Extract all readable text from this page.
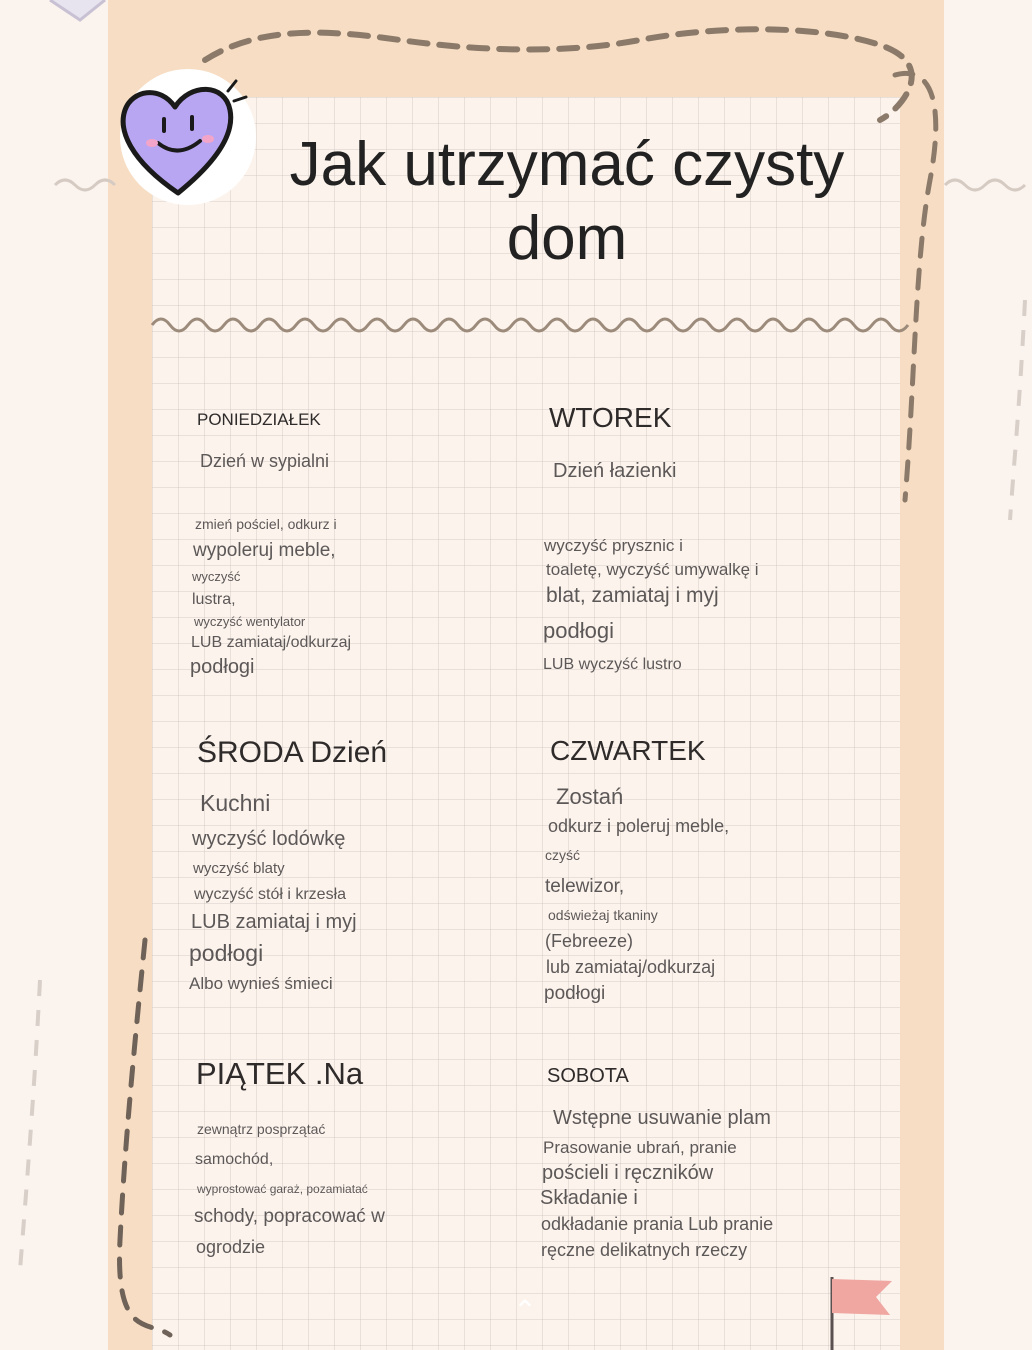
Jak utrzymać czysty dom
PONIEDZIAŁEK
Dzień w sypialni
zmień pościel, odkurz i
wypoleruj meble,
wyczyść
lustra,
wyczyść wentylator
LUB zamiataj/odkurzaj
podłogi
WTOREK
Dzień łazienki
wyczyść prysznic i
toaletę, wyczyść umywalkę i
blat, zamiataj i myj
podłogi
LUB wyczyść lustro
ŚRODA Dzień
Kuchni
wyczyść lodówkę
wyczyść blaty
wyczyść stół i krzesła
LUB zamiataj i myj
podłogi
Albo wynieś śmieci
CZWARTEK
Zostań
odkurz i poleruj meble,
czyść
telewizor,
odświeżaj tkaniny
(Febreeze)
lub zamiataj/odkurzaj
podłogi
PIĄTEK .Na
zewnątrz posprzątać
samochód,
wyprostować garaż, pozamiatać
schody, popracować w
ogrodzie
SOBOTA
Wstępne usuwanie plam
Prasowanie ubrań, pranie
pościeli i ręczników
Składanie i
odkładanie prania Lub pranie
ręczne delikatnych rzeczy
⌃
